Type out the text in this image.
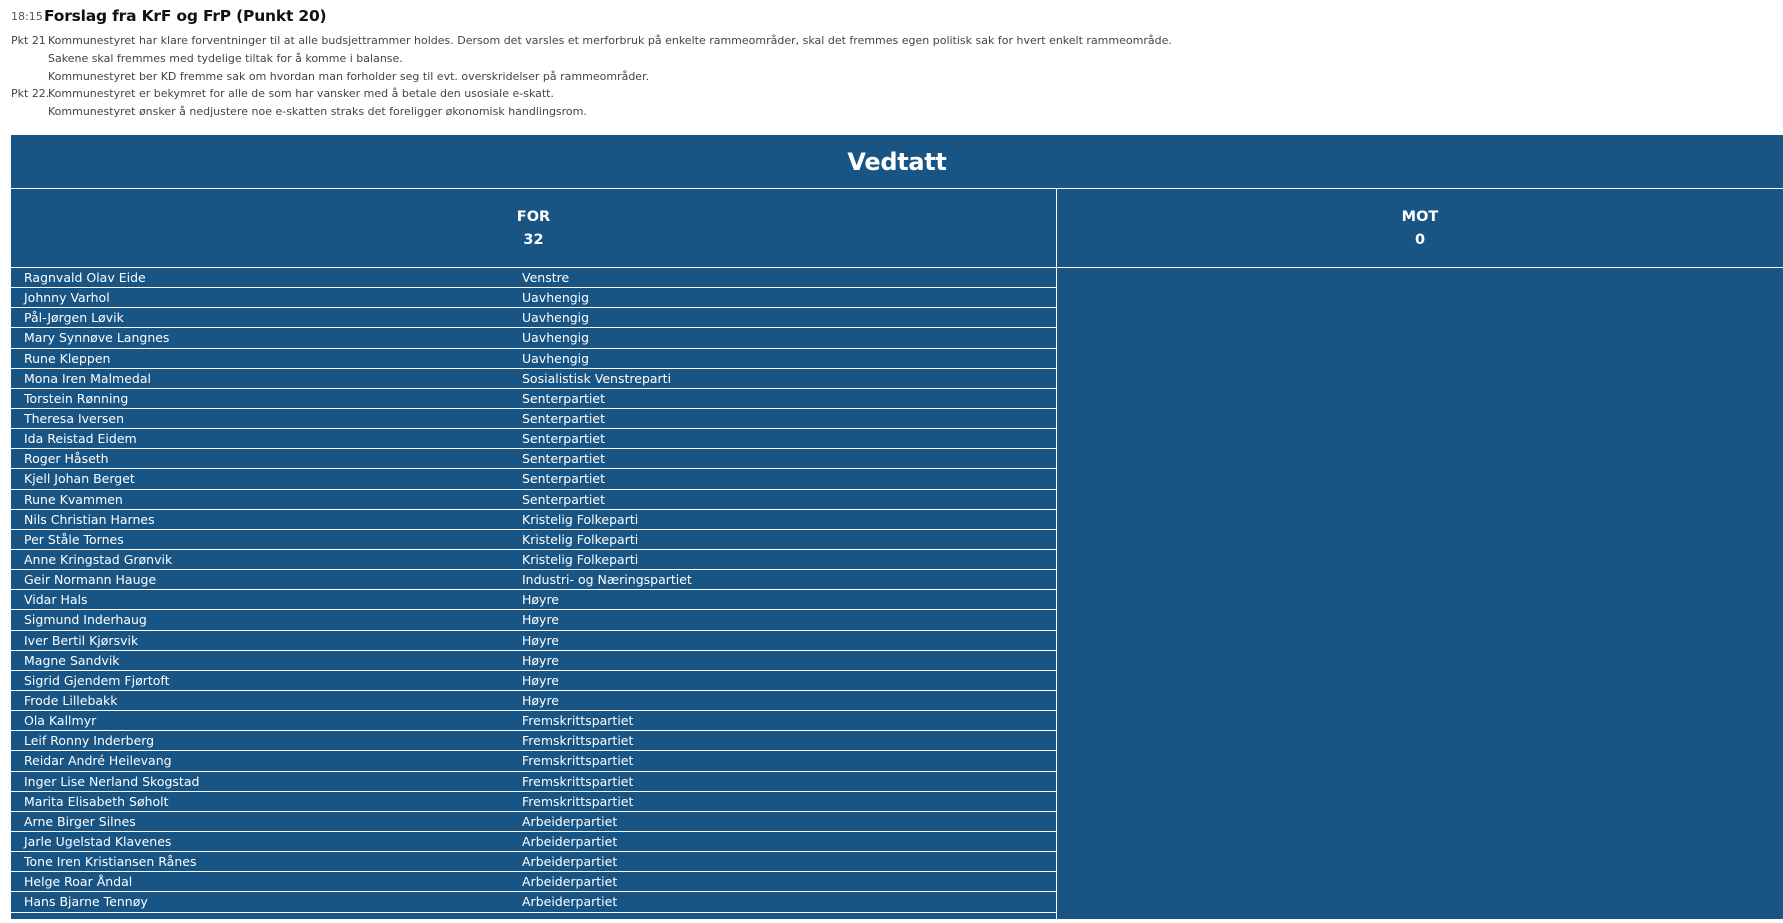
18:15 Forslag fra KrF og FrP (Punkt 20)
Pkt 21 Kommunestyret har klare forventninger til at alle budsjettrammer holdes. Dersom det varsles et merforbruk på enkelte rammeområder, skal det fremmes egen politisk sak for hvert enkelt rammeområde.
Sakene skal fremmes med tydelige tiltak for å komme i balanse.
Kommunestyret ber KD fremme sak om hvordan man forholder seg til evt. overskridelser på rammeområder.
Pkt 22.
Kommunestyret er bekymret for alle de som har vansker med å betale den usosiale e-skatt.
Kommunestyret ønsker å nedjustere noe e-skatten straks det foreligger økonomisk handlingsrom.
Vedtatt
FOR
32
MOT
0
Ragnvald Olav Eide	Venstre
Johnny Varhol	Uavhengig
Pål-Jørgen Løvik	Uavhengig
Mary Synnøve Langnes	Uavhengig
Rune Kleppen	Uavhengig
Mona Iren Malmedal	Sosialistisk Venstreparti
Torstein Rønning	Senterpartiet
Theresa Iversen	Senterpartiet
Ida Reistad Eidem	Senterpartiet
Roger Håseth	Senterpartiet
Kjell Johan Berget	Senterpartiet
Rune Kvammen	Senterpartiet
Nils Christian Harnes	Kristelig Folkeparti
Per Ståle Tornes	Kristelig Folkeparti
Anne Kringstad Grønvik	Kristelig Folkeparti
Geir Normann Hauge	Industri- og Næringspartiet
Vidar Hals	Høyre
Sigmund Inderhaug	Høyre
Iver Bertil Kjørsvik	Høyre
Magne Sandvik	Høyre
Sigrid Gjendem Fjørtoft	Høyre
Frode Lillebakk	Høyre
Ola Kallmyr	Fremskrittspartiet
Leif Ronny Inderberg	Fremskrittspartiet
Reidar André Heilevang	Fremskrittspartiet
Inger Lise Nerland Skogstad	Fremskrittspartiet
Marita Elisabeth Søholt	Fremskrittspartiet
Arne Birger Silnes	Arbeiderpartiet
Jarle Ugelstad Klavenes	Arbeiderpartiet
Tone Iren Kristiansen Rånes	Arbeiderpartiet
Helge Roar Åndal	Arbeiderpartiet
Hans Bjarne Tennøy	Arbeiderpartiet
